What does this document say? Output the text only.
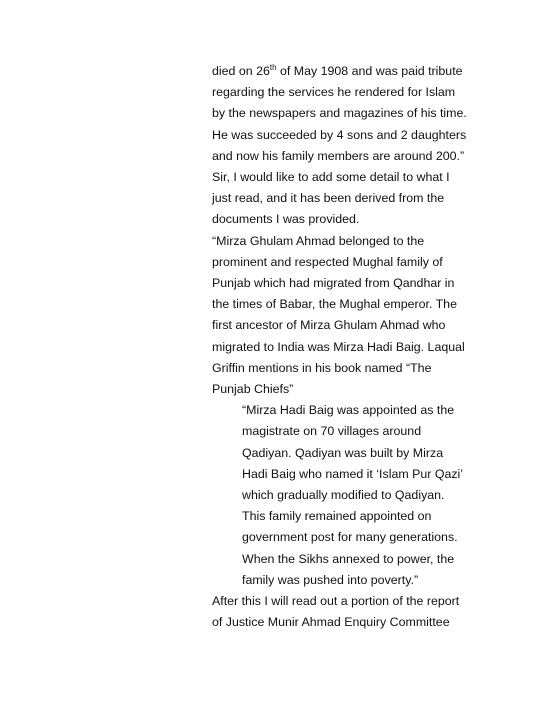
died on 26th of May 1908 and was paid tribute
regarding the services he rendered for Islam
by the newspapers and magazines of his time.
He was succeeded by 4 sons and 2 daughters
and now his family members are around 200.”
Sir, I would like to add some detail to what I
just read, and it has been derived from the
documents I was provided.
“Mirza Ghulam Ahmad belonged to the
prominent and respected Mughal family of
Punjab which had migrated from Qandhar in
the times of Babar, the Mughal emperor. The
first ancestor of Mirza Ghulam Ahmad who
migrated to India was Mirza Hadi Baig. Laqual
Griffin mentions in his book named “The
Punjab Chiefs”
“Mirza Hadi Baig was appointed as the
magistrate on 70 villages around
Qadiyan. Qadiyan was built by Mirza
Hadi Baig who named it ‘Islam Pur Qazi’
which gradually modified to Qadiyan.
This family remained appointed on
government post for many generations.
When the Sikhs annexed to power, the
family was pushed into poverty.”
After this I will read out a portion of the report
of Justice Munir Ahmad Enquiry Committee
